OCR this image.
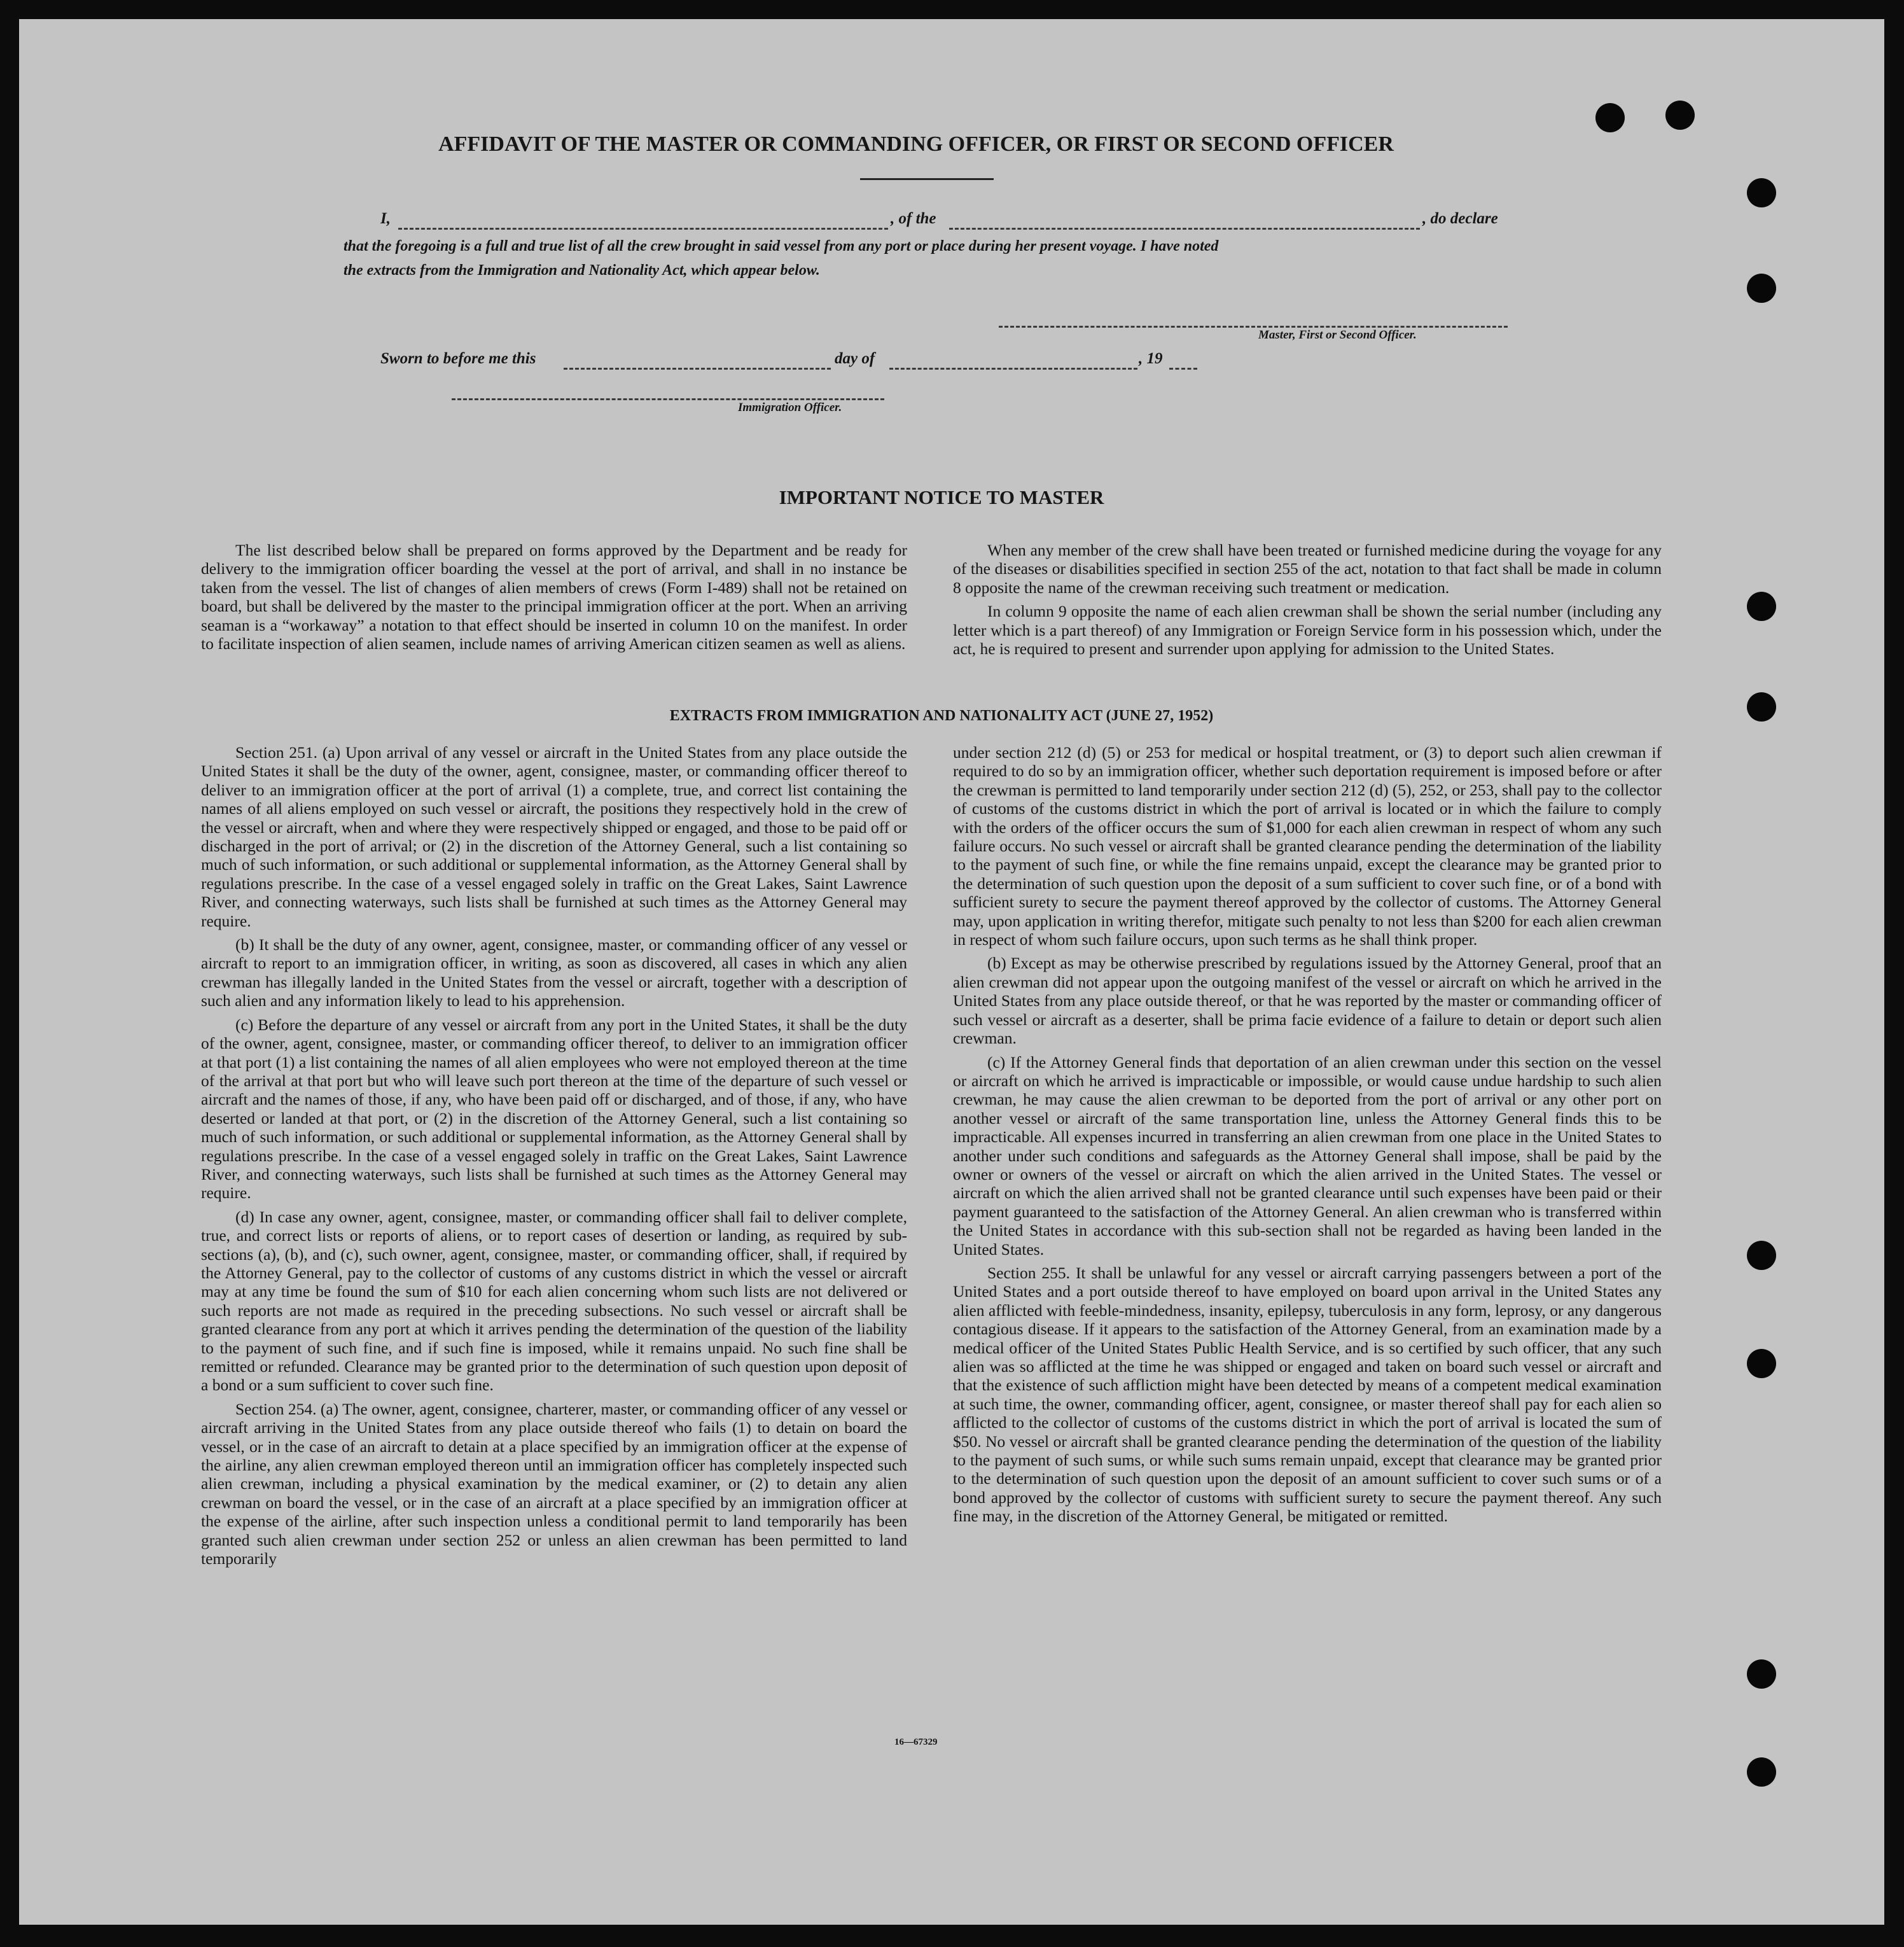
AFFIDAVIT OF THE MASTER OR COMMANDING OFFICER, OR FIRST OR SECOND OFFICER
I,	, of the	, do declare
that the foregoing is a full and true list of all the crew brought in said vessel from any port or place during her present voyage. I have noted
the extracts from the Immigration and Nationality Act, which appear below.
Master, First or Second Officer.
Sworn to before me this	day of	, 19
Immigration Officer.
IMPORTANT NOTICE TO MASTER

The list described below shall be prepared on forms approved by the Department and be ready for delivery to the immigration officer boarding the vessel at the port of arrival, and shall in no instance be taken from the vessel. The list of changes of alien members of crews (Form I-489) shall not be retained on board, but shall be delivered by the master to the principal immigration officer at the port. When an arriving seaman is a “workaway” a notation to that effect should be inserted in column 10 on the manifest. In order to facilitate inspection of alien seamen, include names of arriving American citizen seamen as well as aliens.

When any member of the crew shall have been treated or furnished medicine during the voyage for any of the diseases or disabilities specified in section 255 of the act, notation to that fact shall be made in column 8 opposite the name of the crewman receiving such treatment or medication.

In column 9 opposite the name of each alien crewman shall be shown the serial number (including any letter which is a part thereof) of any Immigration or Foreign Service form in his possession which, under the act, he is required to present and surrender upon applying for admission to the United States.

EXTRACTS FROM IMMIGRATION AND NATIONALITY ACT (JUNE 27, 1952)

Section 251. (a) Upon arrival of any vessel or aircraft in the United States from any place outside the United States it shall be the duty of the owner, agent, consignee, master, or commanding officer thereof to deliver to an immigration officer at the port of arrival (1) a complete, true, and correct list containing the names of all aliens employed on such vessel or aircraft, the positions they respectively hold in the crew of the vessel or aircraft, when and where they were respectively shipped or engaged, and those to be paid off or discharged in the port of arrival; or (2) in the discretion of the Attorney General, such a list containing so much of such information, or such additional or supplemental information, as the Attorney General shall by regulations prescribe. In the case of a vessel engaged solely in traffic on the Great Lakes, Saint Lawrence River, and connecting waterways, such lists shall be furnished at such times as the Attorney General may require.

(b) It shall be the duty of any owner, agent, consignee, master, or commanding officer of any vessel or aircraft to report to an immigration officer, in writing, as soon as discovered, all cases in which any alien crewman has illegally landed in the United States from the vessel or aircraft, together with a description of such alien and any information likely to lead to his apprehension.

(c) Before the departure of any vessel or aircraft from any port in the United States, it shall be the duty of the owner, agent, consignee, master, or commanding officer thereof, to deliver to an immigration officer at that port (1) a list containing the names of all alien employees who were not employed thereon at the time of the arrival at that port but who will leave such port thereon at the time of the departure of such vessel or aircraft and the names of those, if any, who have been paid off or discharged, and of those, if any, who have deserted or landed at that port, or (2) in the discretion of the Attorney General, such a list containing so much of such information, or such additional or supplemental information, as the Attorney General shall by regulations prescribe. In the case of a vessel engaged solely in traffic on the Great Lakes, Saint Lawrence River, and connecting waterways, such lists shall be furnished at such times as the Attorney General may require.

(d) In case any owner, agent, consignee, master, or commanding officer shall fail to deliver complete, true, and correct lists or reports of aliens, or to report cases of desertion or landing, as required by sub-sections (a), (b), and (c), such owner, agent, consignee, master, or commanding officer, shall, if required by the Attorney General, pay to the collector of customs of any customs district in which the vessel or aircraft may at any time be found the sum of $10 for each alien concerning whom such lists are not delivered or such reports are not made as required in the preceding subsections. No such vessel or aircraft shall be granted clearance from any port at which it arrives pending the determination of the question of the liability to the payment of such fine, and if such fine is imposed, while it remains unpaid. No such fine shall be remitted or refunded. Clearance may be granted prior to the determination of such question upon deposit of a bond or a sum sufficient to cover such fine.

Section 254. (a) The owner, agent, consignee, charterer, master, or commanding officer of any vessel or aircraft arriving in the United States from any place outside thereof who fails (1) to detain on board the vessel, or in the case of an aircraft to detain at a place specified by an immigration officer at the expense of the airline, any alien crewman employed thereon until an immigration officer has completely inspected such alien crewman, including a physical examination by the medical examiner, or (2) to detain any alien crewman on board the vessel, or in the case of an aircraft at a place specified by an immigration officer at the expense of the airline, after such inspection unless a conditional permit to land temporarily has been granted such alien crewman under section 252 or unless an alien crewman has been permitted to land temporarily

under section 212 (d) (5) or 253 for medical or hospital treatment, or (3) to deport such alien crewman if required to do so by an immigration officer, whether such deportation requirement is imposed before or after the crewman is permitted to land temporarily under section 212 (d) (5), 252, or 253, shall pay to the collector of customs of the customs district in which the port of arrival is located or in which the failure to comply with the orders of the officer occurs the sum of $1,000 for each alien crewman in respect of whom any such failure occurs. No such vessel or aircraft shall be granted clearance pending the determination of the liability to the payment of such fine, or while the fine remains unpaid, except the clearance may be granted prior to the determination of such question upon the deposit of a sum sufficient to cover such fine, or of a bond with sufficient surety to secure the payment thereof approved by the collector of customs. The Attorney General may, upon application in writing therefor, mitigate such penalty to not less than $200 for each alien crewman in respect of whom such failure occurs, upon such terms as he shall think proper.

(b) Except as may be otherwise prescribed by regulations issued by the Attorney General, proof that an alien crewman did not appear upon the outgoing manifest of the vessel or aircraft on which he arrived in the United States from any place outside thereof, or that he was reported by the master or commanding officer of such vessel or aircraft as a deserter, shall be prima facie evidence of a failure to detain or deport such alien crewman.

(c) If the Attorney General finds that deportation of an alien crewman under this section on the vessel or aircraft on which he arrived is impracticable or impossible, or would cause undue hardship to such alien crewman, he may cause the alien crewman to be deported from the port of arrival or any other port on another vessel or aircraft of the same transportation line, unless the Attorney General finds this to be impracticable. All expenses incurred in transferring an alien crewman from one place in the United States to another under such conditions and safeguards as the Attorney General shall impose, shall be paid by the owner or owners of the vessel or aircraft on which the alien arrived in the United States. The vessel or aircraft on which the alien arrived shall not be granted clearance until such expenses have been paid or their payment guaranteed to the satisfaction of the Attorney General. An alien crewman who is transferred within the United States in accordance with this sub-section shall not be regarded as having been landed in the United States.

Section 255. It shall be unlawful for any vessel or aircraft carrying passengers between a port of the United States and a port outside thereof to have employed on board upon arrival in the United States any alien afflicted with feeble-mindedness, insanity, epilepsy, tuberculosis in any form, leprosy, or any dangerous contagious disease. If it appears to the satisfaction of the Attorney General, from an examination made by a medical officer of the United States Public Health Service, and is so certified by such officer, that any such alien was so afflicted at the time he was shipped or engaged and taken on board such vessel or aircraft and that the existence of such affliction might have been detected by means of a competent medical examination at such time, the owner, commanding officer, agent, consignee, or master thereof shall pay for each alien so afflicted to the collector of customs of the customs district in which the port of arrival is located the sum of $50. No vessel or aircraft shall be granted clearance pending the determination of the question of the liability to the payment of such sums, or while such sums remain unpaid, except that clearance may be granted prior to the determination of such question upon the deposit of an amount sufficient to cover such sums or of a bond approved by the collector of customs with sufficient surety to secure the payment thereof. Any such fine may, in the discretion of the Attorney General, be mitigated or remitted.

16—67329
